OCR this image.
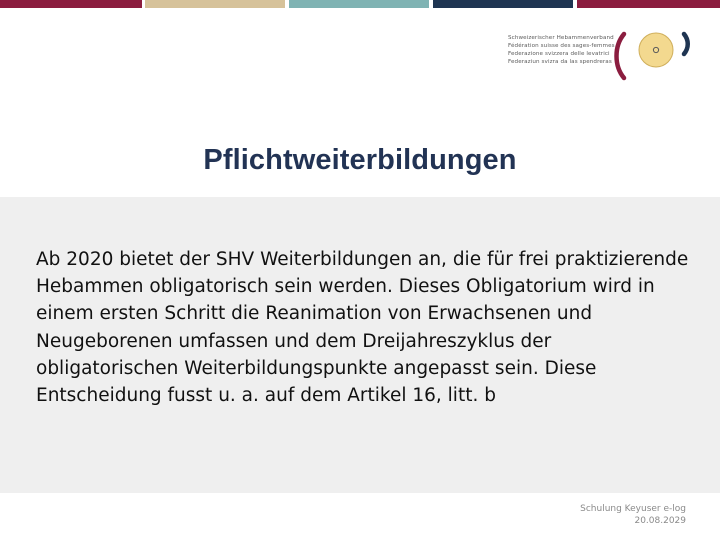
Schweizerischer Hebammenverband
Fédération suisse des sages-femmes
Federazione svizzera delle levatrici
Federaziun svizra da las spendreras
Pflichtweiterbildungen

Ab 2020 bietet der SHV Weiterbildungen an, die für frei praktizierende Hebammen obligatorisch sein werden. Dieses Obligatorium wird in einem ersten Schritt die Reanimation von Erwachsenen und Neugeborenen umfassen und dem Dreijahreszyklus der obligatorischen Weiterbildungspunkte angepasst sein. Diese Entscheidung fusst u. a. auf dem Artikel 16, litt. b

Schulung Keyuser e-log
20.08.2029
